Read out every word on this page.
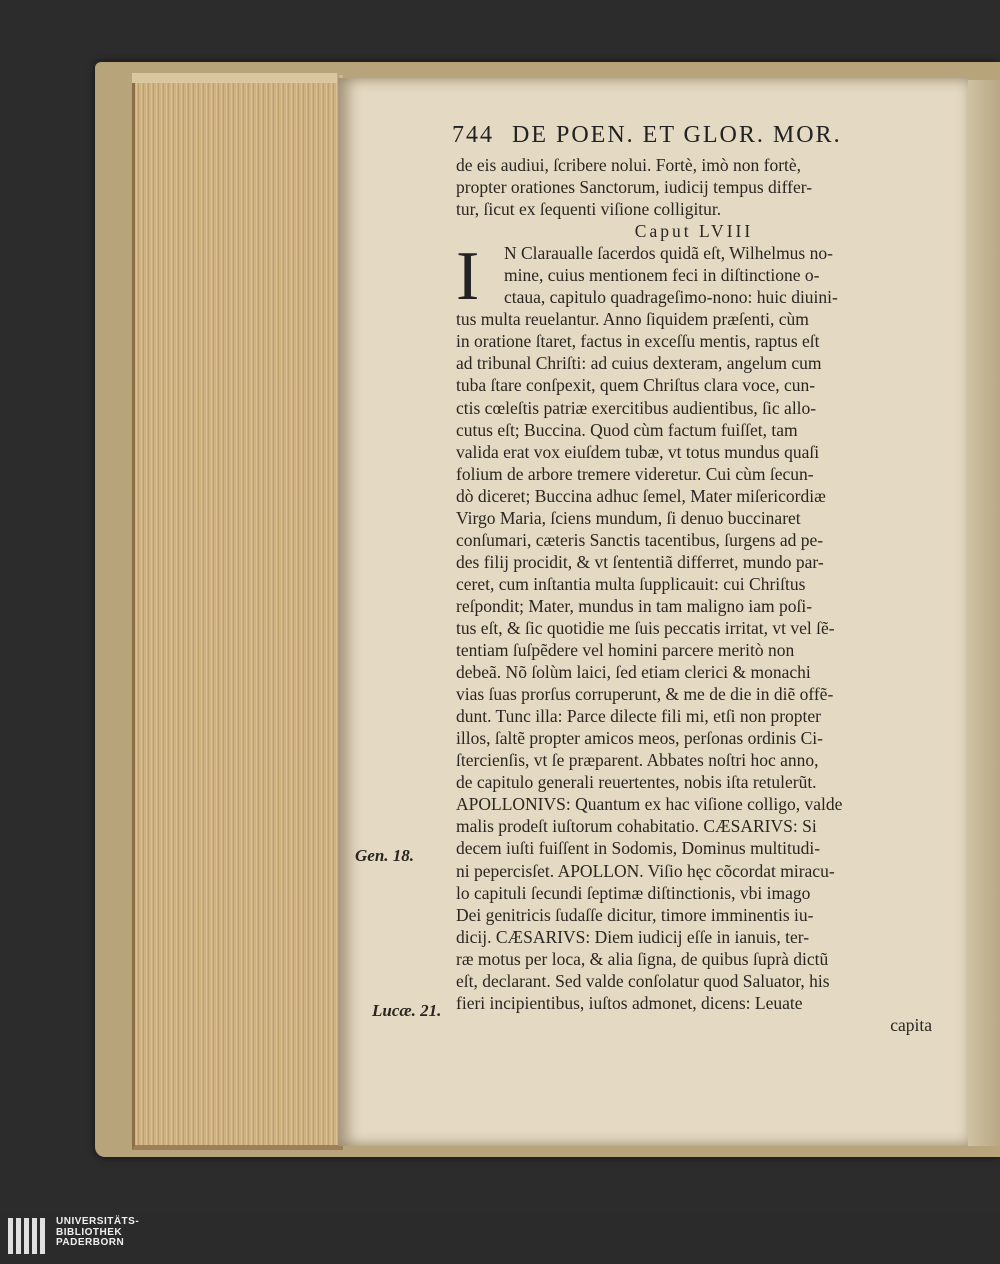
744 DE POEN. ET GLOR. MOR.
de eis audiui, ſcribere nolui. Fortè, imò non fortè,
propter orationes Sanctorum, iudicij tempus differ-
tur, ſicut ex ſequenti viſione colligitur.
Caput LVIII
N Claraualle ſacerdos quidã eſt, Wilhelmus no-
mine, cuius mentionem feci in diſtinctione o-
ctaua, capitulo quadrageſimo-nono: huic diuini-
tus multa reuelantur. Anno ſiquidem præſenti, cùm
in oratione ſtaret, factus in exceſſu mentis, raptus eſt
ad tribunal Chriſti: ad cuius dexteram, angelum cum
tuba ſtare conſpexit, quem Chriſtus clara voce, cun-
ctis cœleſtis patriæ exercitibus audientibus, ſic allo-
cutus eſt; Buccina. Quod cùm factum fuiſſet, tam
valida erat vox eiuſdem tubæ, vt totus mundus quaſi
folium de arbore tremere videretur. Cui cùm ſecun-
dò diceret; Buccina adhuc ſemel, Mater miſericordiæ
Virgo Maria, ſciens mundum, ſi denuo buccinaret
conſumari, cæteris Sanctis tacentibus, ſurgens ad pe-
des filij procidit, & vt ſententiã differret, mundo par-
ceret, cum inſtantia multa ſupplicauit: cui Chriſtus
reſpondit; Mater, mundus in tam maligno iam poſi-
tus eſt, & ſic quotidie me ſuis peccatis irritat, vt vel ſẽ-
tentiam ſuſpẽdere vel homini parcere meritò non
debeã. Nõ ſolùm laici, ſed etiam clerici & monachi
vias ſuas prorſus corruperunt, & me de die in diẽ offẽ-
dunt. Tunc illa: Parce dilecte fili mi, etſi non propter
illos, ſaltẽ propter amicos meos, perſonas ordinis Ci-
ſtercienſis, vt ſe præparent. Abbates noſtri hoc anno,
de capitulo generali reuertentes, nobis iſta retulerũt.
APOLLONIVS: Quantum ex hac viſione colligo, valde
malis prodeſt iuſtorum cohabitatio. CÆSARIVS: Si
decem iuſti fuiſſent in Sodomis, Dominus multitudi-
ni pepercisſet. APOLLON. Viſio hęc cõcordat miracu-
lo capituli ſecundi ſeptimæ diſtinctionis, vbi imago
Dei genitricis ſudaſſe dicitur, timore imminentis iu-
dicij. CÆSARIVS: Diem iudicij eſſe in ianuis, ter-
ræ motus per loca, & alia ſigna, de quibus ſuprà dictũ
eſt, declarant. Sed valde conſolatur quod Saluator, his
fieri incipientibus, iuſtos admonet, dicens: Leuate
capita
I
Gen. 18.
Lucæ. 21.
UNIVERSITÄTS-
BIBLIOTHEK
PADERBORN
